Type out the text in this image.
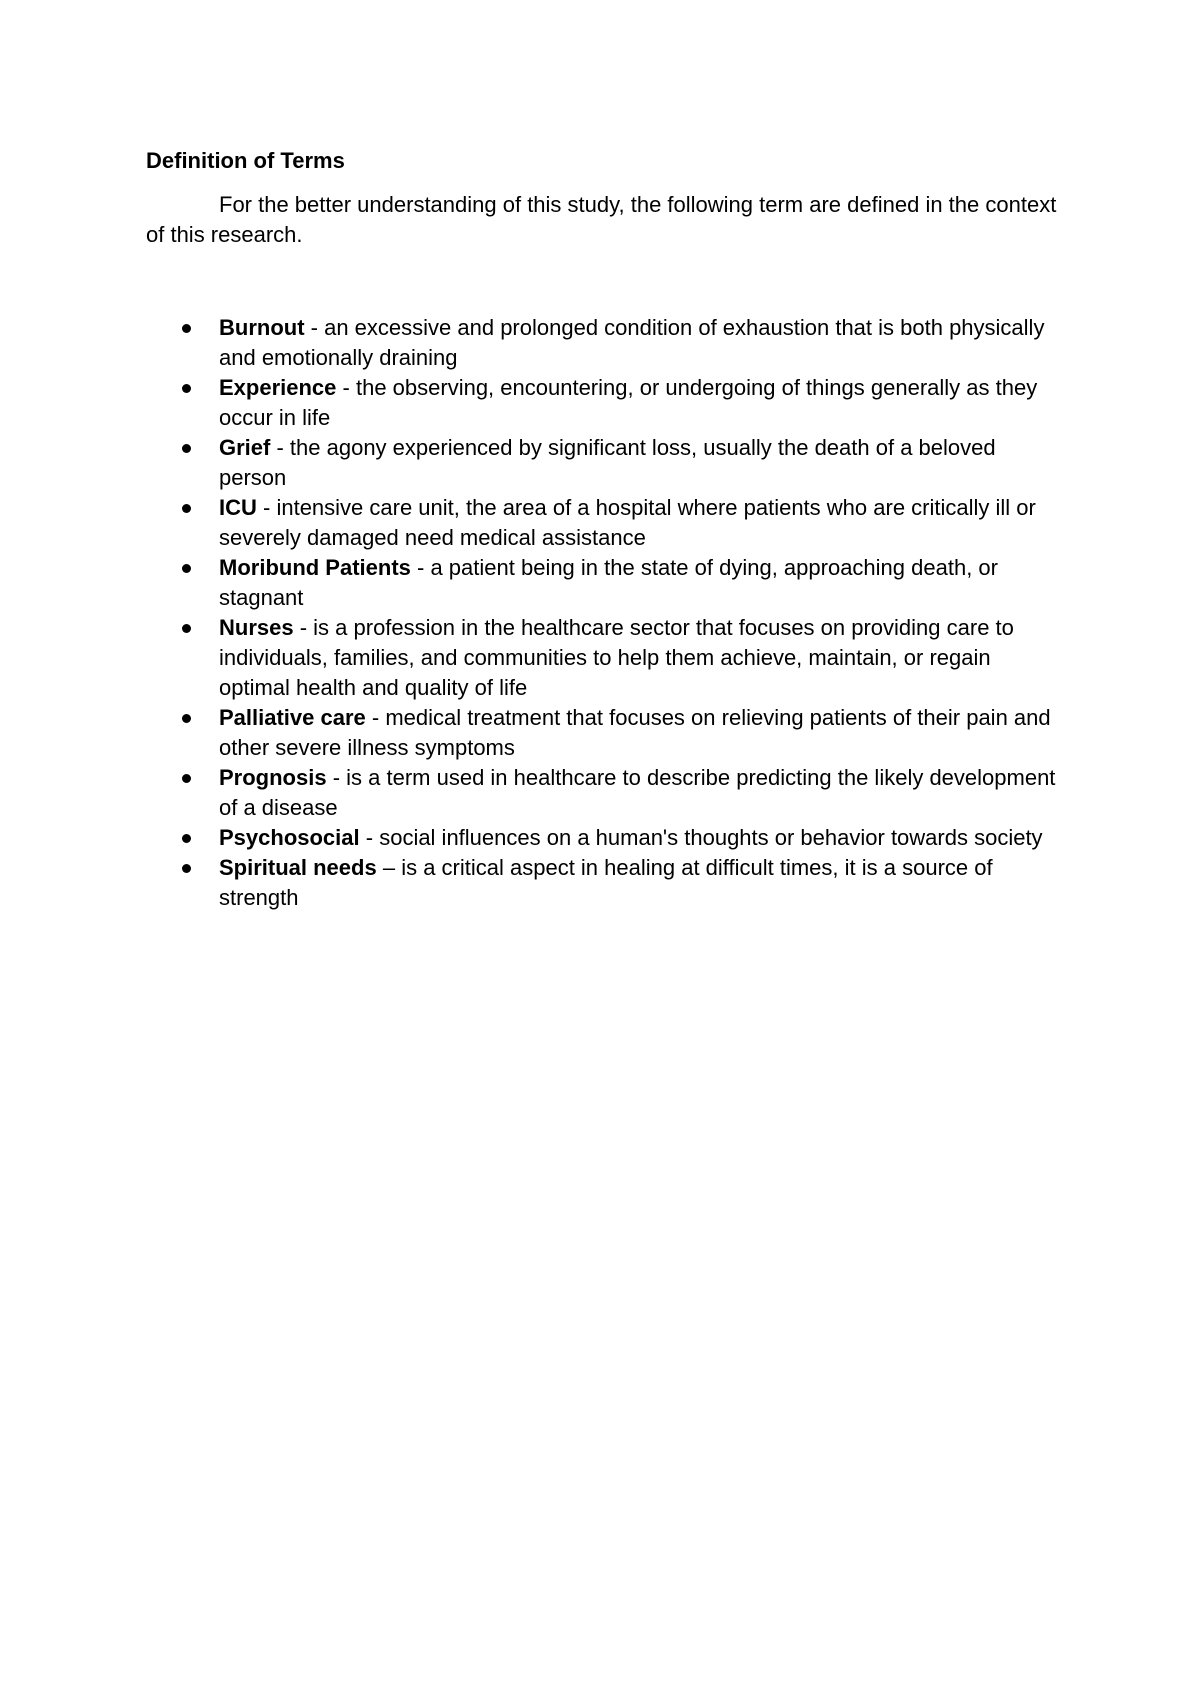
Definition of Terms

For the better understanding of this study, the following term are defined in the context of this research.

Burnout - an excessive and prolonged condition of exhaustion that is both physically and emotionally draining
Experience - the observing, encountering, or undergoing of things generally as they occur in life
Grief - the agony experienced by significant loss, usually the death of a beloved person
ICU - intensive care unit, the area of a hospital where patients who are critically ill or severely damaged need medical assistance
Moribund Patients - a patient being in the state of dying, approaching death, or stagnant
Nurses - is a profession in the healthcare sector that focuses on providing care to individuals, families, and communities to help them achieve, maintain, or regain optimal health and quality of life
Palliative care - medical treatment that focuses on relieving patients of their pain and other severe illness symptoms
Prognosis - is a term used in healthcare to describe predicting the likely development of a disease
Psychosocial - social influences on a human's thoughts or behavior towards society
Spiritual needs – is a critical aspect in healing at difficult times, it is a source of strength
